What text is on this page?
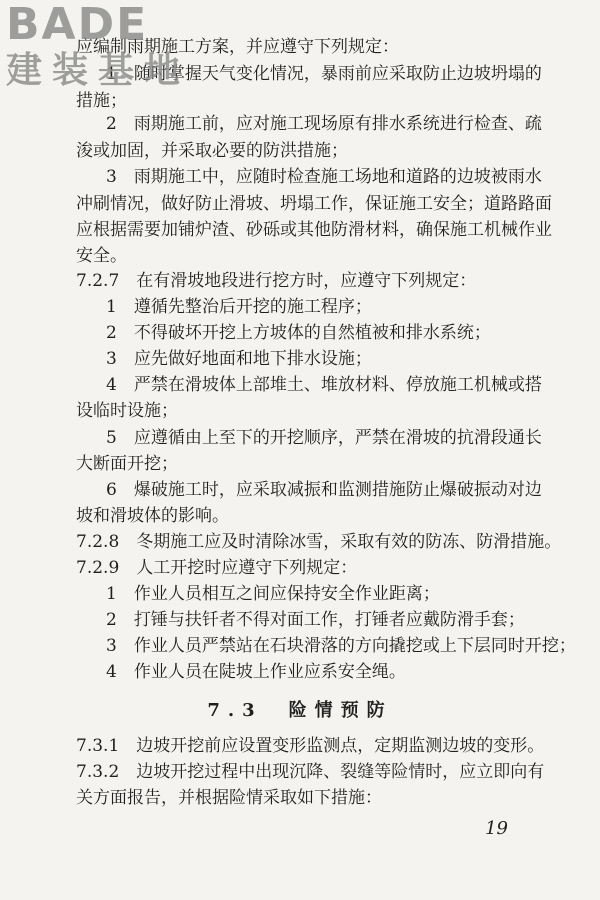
BADE
建装基地
应编制雨期施工方案，并应遵守下列规定：
1　随时掌握天气变化情况，暴雨前应采取防止边坡坍塌的
措施；
2　雨期施工前，应对施工现场原有排水系统进行检查、疏
浚或加固，并采取必要的防洪措施；
3　雨期施工中，应随时检查施工场地和道路的边坡被雨水
冲刷情况，做好防止滑坡、坍塌工作，保证施工安全；道路路面
应根据需要加铺炉渣、砂砾或其他防滑材料，确保施工机械作业
安全。
7.2.7　在有滑坡地段进行挖方时，应遵守下列规定：
1　遵循先整治后开挖的施工程序；
2　不得破坏开挖上方坡体的自然植被和排水系统；
3　应先做好地面和地下排水设施；
4　严禁在滑坡体上部堆土、堆放材料、停放施工机械或搭
设临时设施；
5　应遵循由上至下的开挖顺序，严禁在滑坡的抗滑段通长
大断面开挖；
6　爆破施工时，应采取减振和监测措施防止爆破振动对边
坡和滑坡体的影响。
7.2.8　冬期施工应及时清除冰雪，采取有效的防冻、防滑措施。
7.2.9　人工开挖时应遵守下列规定：
1　作业人员相互之间应保持安全作业距离；
2　打锤与扶钎者不得对面工作，打锤者应戴防滑手套；
3　作业人员严禁站在石块滑落的方向撬挖或上下层同时开挖；
4　作业人员在陡坡上作业应系安全绳。
7.3　险情预防
7.3.1　边坡开挖前应设置变形监测点，定期监测边坡的变形。
7.3.2　边坡开挖过程中出现沉降、裂缝等险情时，应立即向有
关方面报告，并根据险情采取如下措施：
19
